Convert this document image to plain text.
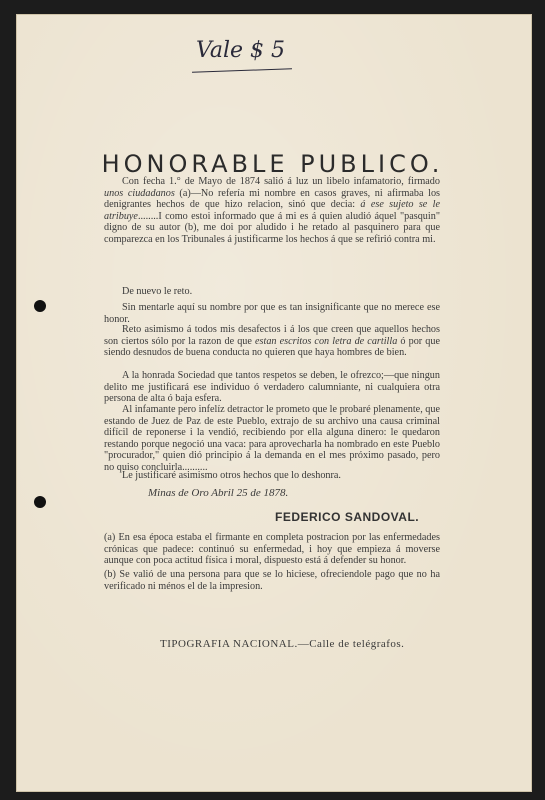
Vale $ 5
HONORABLE PUBLICO.
Con fecha 1.° de Mayo de 1874 salió á luz un libelo infamatorio, firmado unos ciudadanos (a)—No refería mi nombre en casos graves, ni afirmaba los denigrantes hechos de que hizo relacion, sinó que decia: á ese sujeto se le atribuye........I como estoi informado que á mi es á quien aludió áquel "pasquin" digno de su autor (b), me doi por aludido i he retado al pasquinero para que comparezca en los Tribunales á justificarme los hechos á que se refirió contra mi.
De nuevo le reto.
Sin mentarle aquí su nombre por que es tan insignificante que no merece ese honor.
Reto asimismo á todos mis desafectos i á los que creen que aquellos hechos son ciertos sólo por la razon de que estan escritos con letra de cartilla ó por que siendo desnudos de buena conducta no quieren que haya hombres de bien.
A la honrada Sociedad que tantos respetos se deben, le ofrezco;—que ningun delito me justificará ese individuo ó verdadero calumniante, ni cualquiera otra persona de alta ó baja esfera.
Al infamante pero infelíz detractor le prometo que le probaré plenamente, que estando de Juez de Paz de este Pueblo, extrajo de su archivo una causa criminal difícil de reponerse i la vendió, recibiendo por ella alguna dinero: le quedaron restando porque negoció una vaca: para aprovecharla ha nombrado en este Pueblo "procurador," quien dió principio á la demanda en el mes próximo pasado, pero no quiso concluirla..........
Le justificaré asimismo otros hechos que lo deshonra.
Minas de Oro Abril 25 de 1878.
FEDERICO SANDOVAL.
(a) En esa época estaba el firmante en completa postracion por las enfermedades crónicas que padece: continuó su enfermedad, i hoy que empieza á moverse aunque con poca actitud física i moral, dispuesto está á defender su honor.
(b) Se valió de una persona para que se lo hiciese, ofreciendole pago que no ha verificado ni ménos el de la impresion.
TIPOGRAFIA NACIONAL.—Calle de telégrafos.
